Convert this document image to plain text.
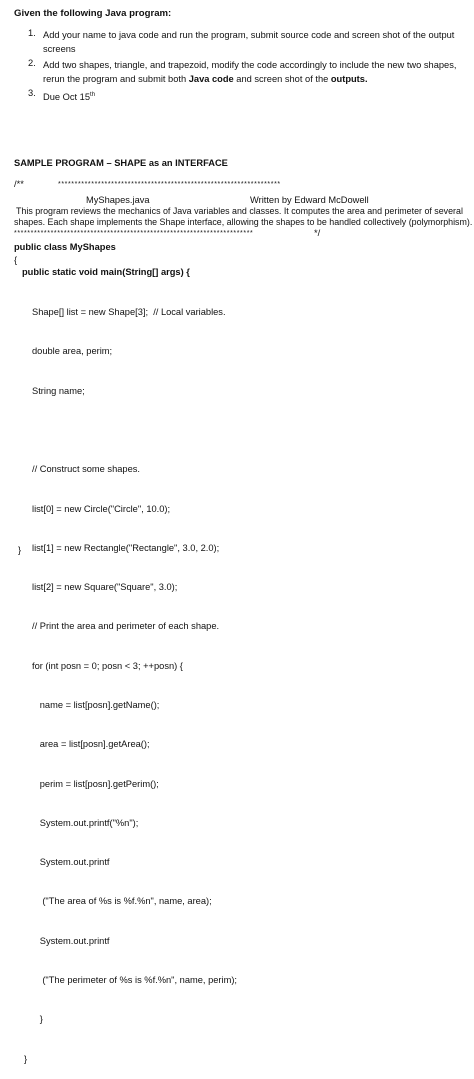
Given the following Java program:
1. Add your name to java code and run the program, submit source code and screen shot of the output screens
2. Add two shapes, triangle, and trapezoid, modify the code accordingly to include the new two shapes, rerun the program and submit both Java code and screen shot of the outputs.
3. Due Oct 15th
SAMPLE PROGRAM – SHAPE as an INTERFACE
/**	*******************************************************************
MyShapes.java	Written by Edward McDowell
This program reviews the mechanics of Java variables and classes. It computes the area and perimeter of several
shapes. Each shape implements the Shape interface, allowing the shapes to be handled collectively (polymorphism).
************************************************************************	*/
public class MyShapes
{
public static void main(String[] args) {

Shape[] list = new Shape[3];  // Local variables.

double area, perim;

String name;

// Construct some shapes.

list[0] = new Circle("Circle", 10.0);

list[1] = new Rectangle("Rectangle", 3.0, 2.0);

list[2] = new Square("Square", 3.0);

// Print the area and perimeter of each shape.

for (int posn = 0; posn < 3; ++posn) {

name = list[posn].getName();

area = list[posn].getArea();

perim = list[posn].getPerim();

System.out.printf("%n");

System.out.printf

("The area of %s is %f.%n", name, area);

System.out.printf

("The perimeter of %s is %f.%n", name, perim);

}

}

}
